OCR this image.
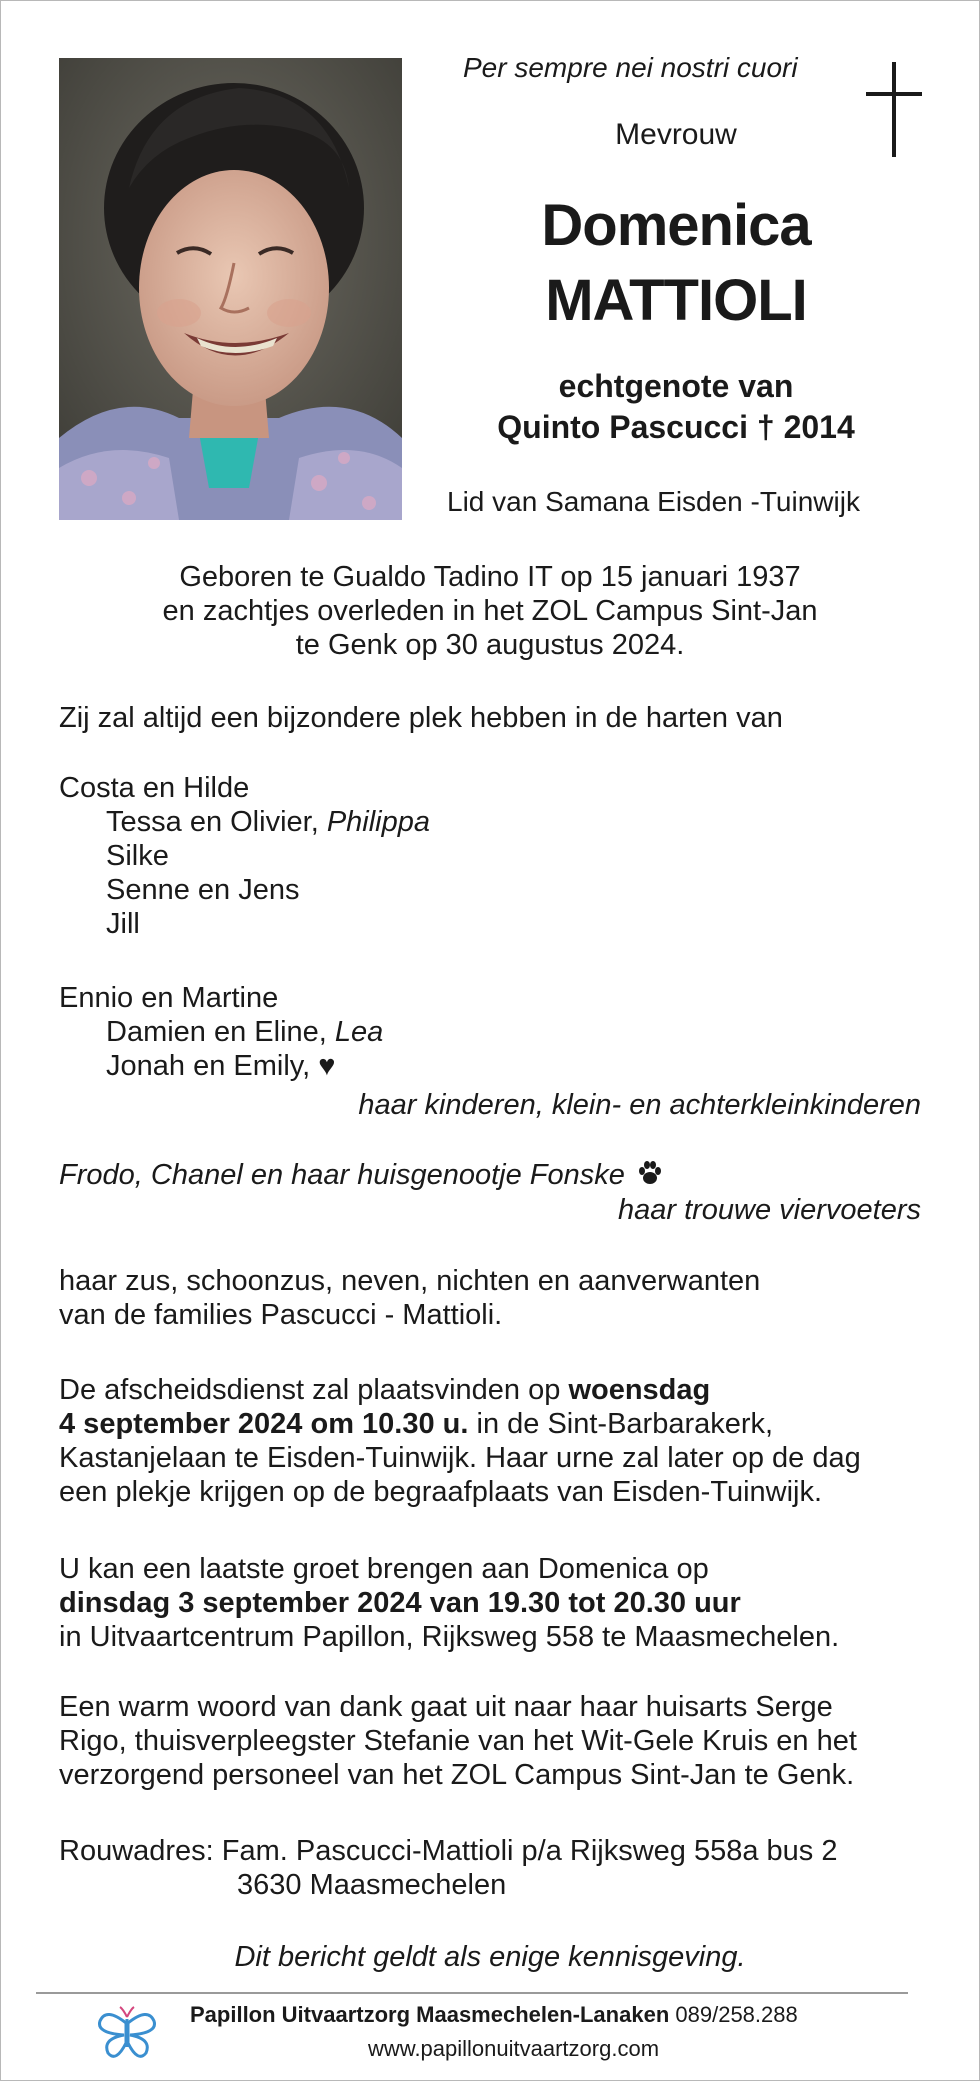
Per sempre nei nostri cuori
Mevrouw
Domenica
MATTIOLI
echtgenote van
Quinto Pascucci † 2014
Lid van Samana Eisden -Tuinwijk
Geboren te Gualdo Tadino IT op 15 januari 1937
en zachtjes overleden in het ZOL Campus Sint-Jan
te Genk op 30 augustus 2024.
Zij zal altijd een bijzondere plek hebben in de harten van
Costa en Hilde
Tessa en Olivier, Philippa
Silke
Senne en Jens
Jill
Ennio en Martine
Damien en Eline, Lea
Jonah en Emily, ♥
haar kinderen, klein- en achterkleinkinderen
Frodo, Chanel en haar huisgenootje Fonske
haar trouwe viervoeters
haar zus, schoonzus, neven, nichten en aanverwanten
van de families Pascucci - Mattioli.
De afscheidsdienst zal plaatsvinden op woensdag
4 september 2024 om 10.30 u. in de Sint-Barbarakerk,
Kastanjelaan te Eisden-Tuinwijk. Haar urne zal later op de dag
een plekje krijgen op de begraafplaats van Eisden-Tuinwijk.
U kan een laatste groet brengen aan Domenica op
dinsdag 3 september 2024 van 19.30 tot 20.30 uur
in Uitvaartcentrum Papillon, Rijksweg 558 te Maasmechelen.
Een warm woord van dank gaat uit naar haar huisarts Serge
Rigo, thuisverpleegster Stefanie van het Wit-Gele Kruis en het
verzorgend personeel van het ZOL Campus Sint-Jan te Genk.
Rouwadres: Fam. Pascucci-Mattioli p/a Rijksweg 558a bus 2
3630 Maasmechelen
Dit bericht geldt als enige kennisgeving.
Papillon Uitvaartzorg Maasmechelen-Lanaken 089/258.288
www.papillonuitvaartzorg.com
